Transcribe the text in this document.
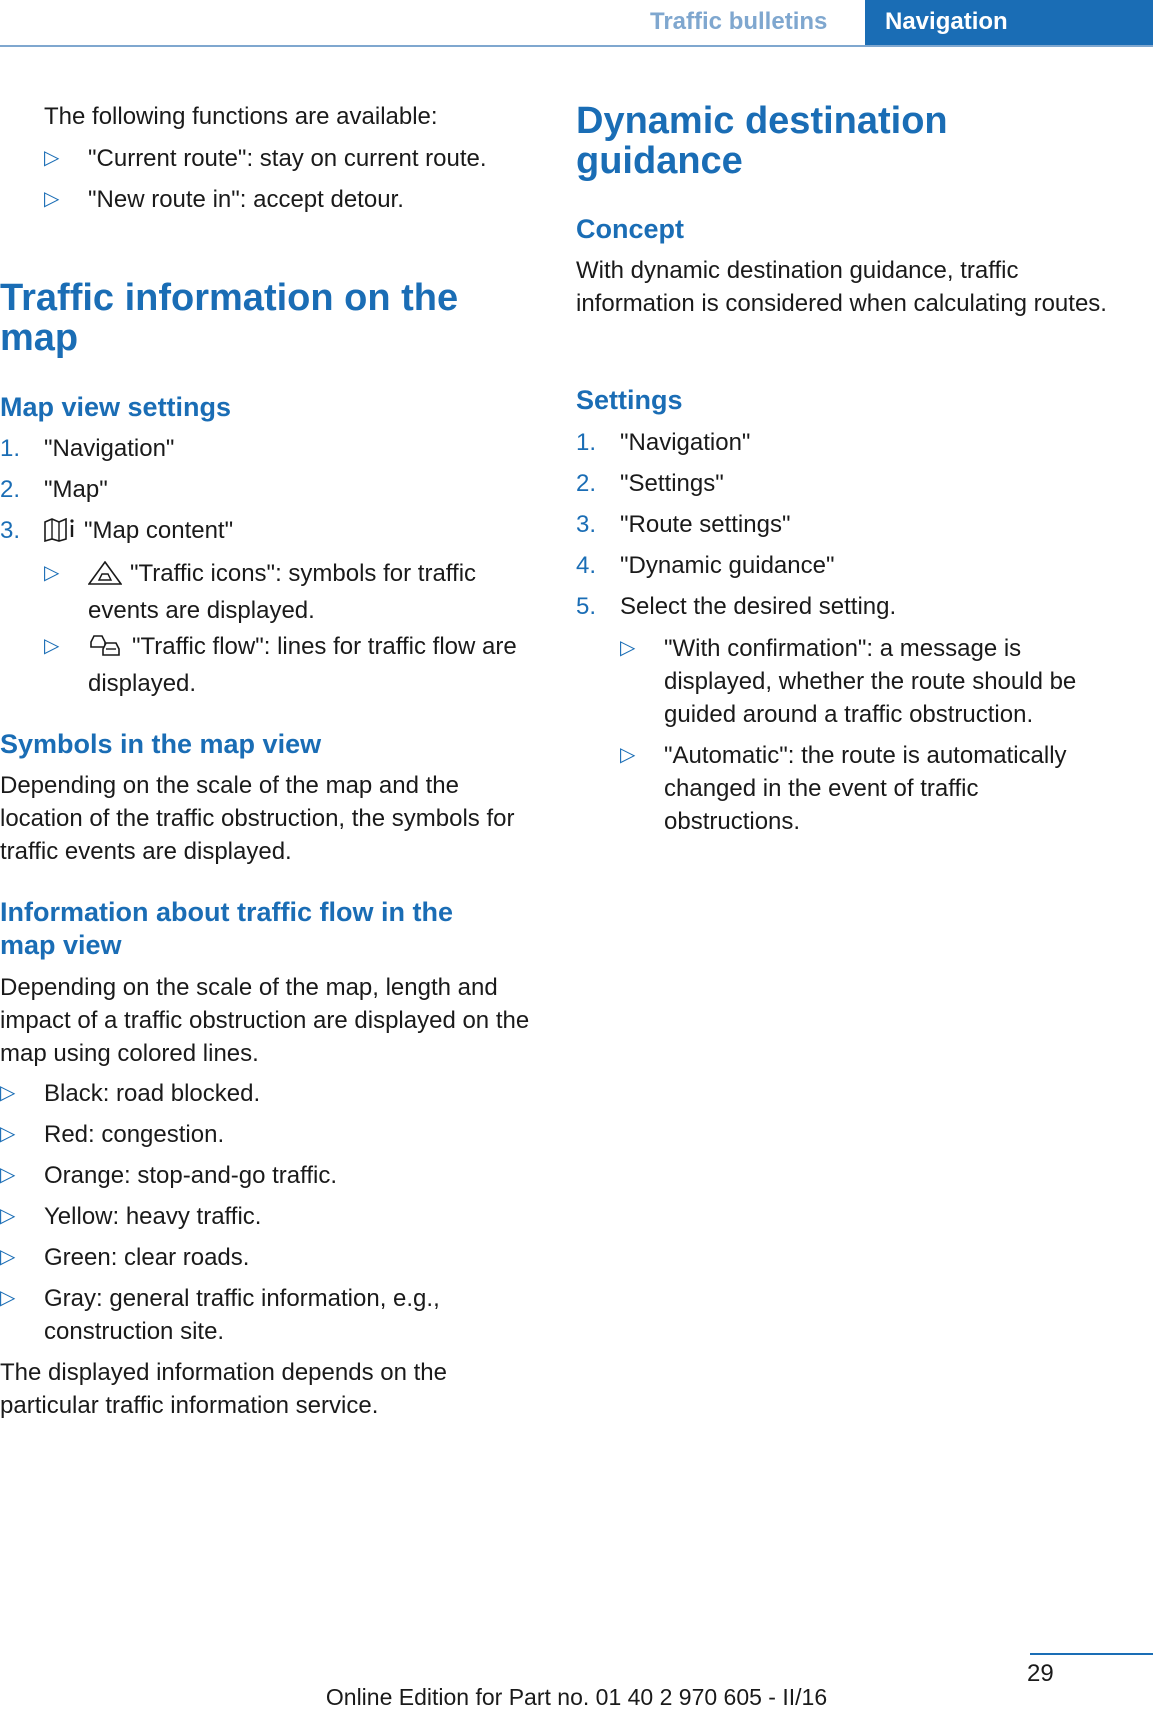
Traffic bulletins Navigation

The following functions are available:

▷ "Current route": stay on current route.
▷ "New route in": accept detour.
Traffic information on the map
Map view settings
1. "Navigation"
2. "Map"
3.	"Map content"
▷	"Traffic icons": symbols for traffic events are displayed.
▷	"Traffic flow": lines for traffic flow are displayed.
Symbols in the map view

Depending on the scale of the map and the location of the traffic obstruction, the symbols for traffic events are displayed.

Information about traffic flow in the map view

Depending on the scale of the map, length and impact of a traffic obstruction are displayed on the map using colored lines.

▷ Black: road blocked.
▷ Red: congestion.
▷ Orange: stop-and-go traffic.
▷ Yellow: heavy traffic.
▷ Green: clear roads.
▷ Gray: general traffic information, e.g., construction site.

The displayed information depends on the particular traffic information service.

Dynamic destination guidance
Concept

With dynamic destination guidance, traffic information is considered when calculating routes.

Settings
1. "Navigation"
2. "Settings"
3. "Route settings"
4. "Dynamic guidance"
5. Select the desired setting.
▷ "With confirmation": a message is displayed, whether the route should be guided around a traffic obstruction.
▷ "Automatic": the route is automatically changed in the event of traffic obstructions.
29
Online Edition for Part no. 01 40 2 970 605 - II/16
